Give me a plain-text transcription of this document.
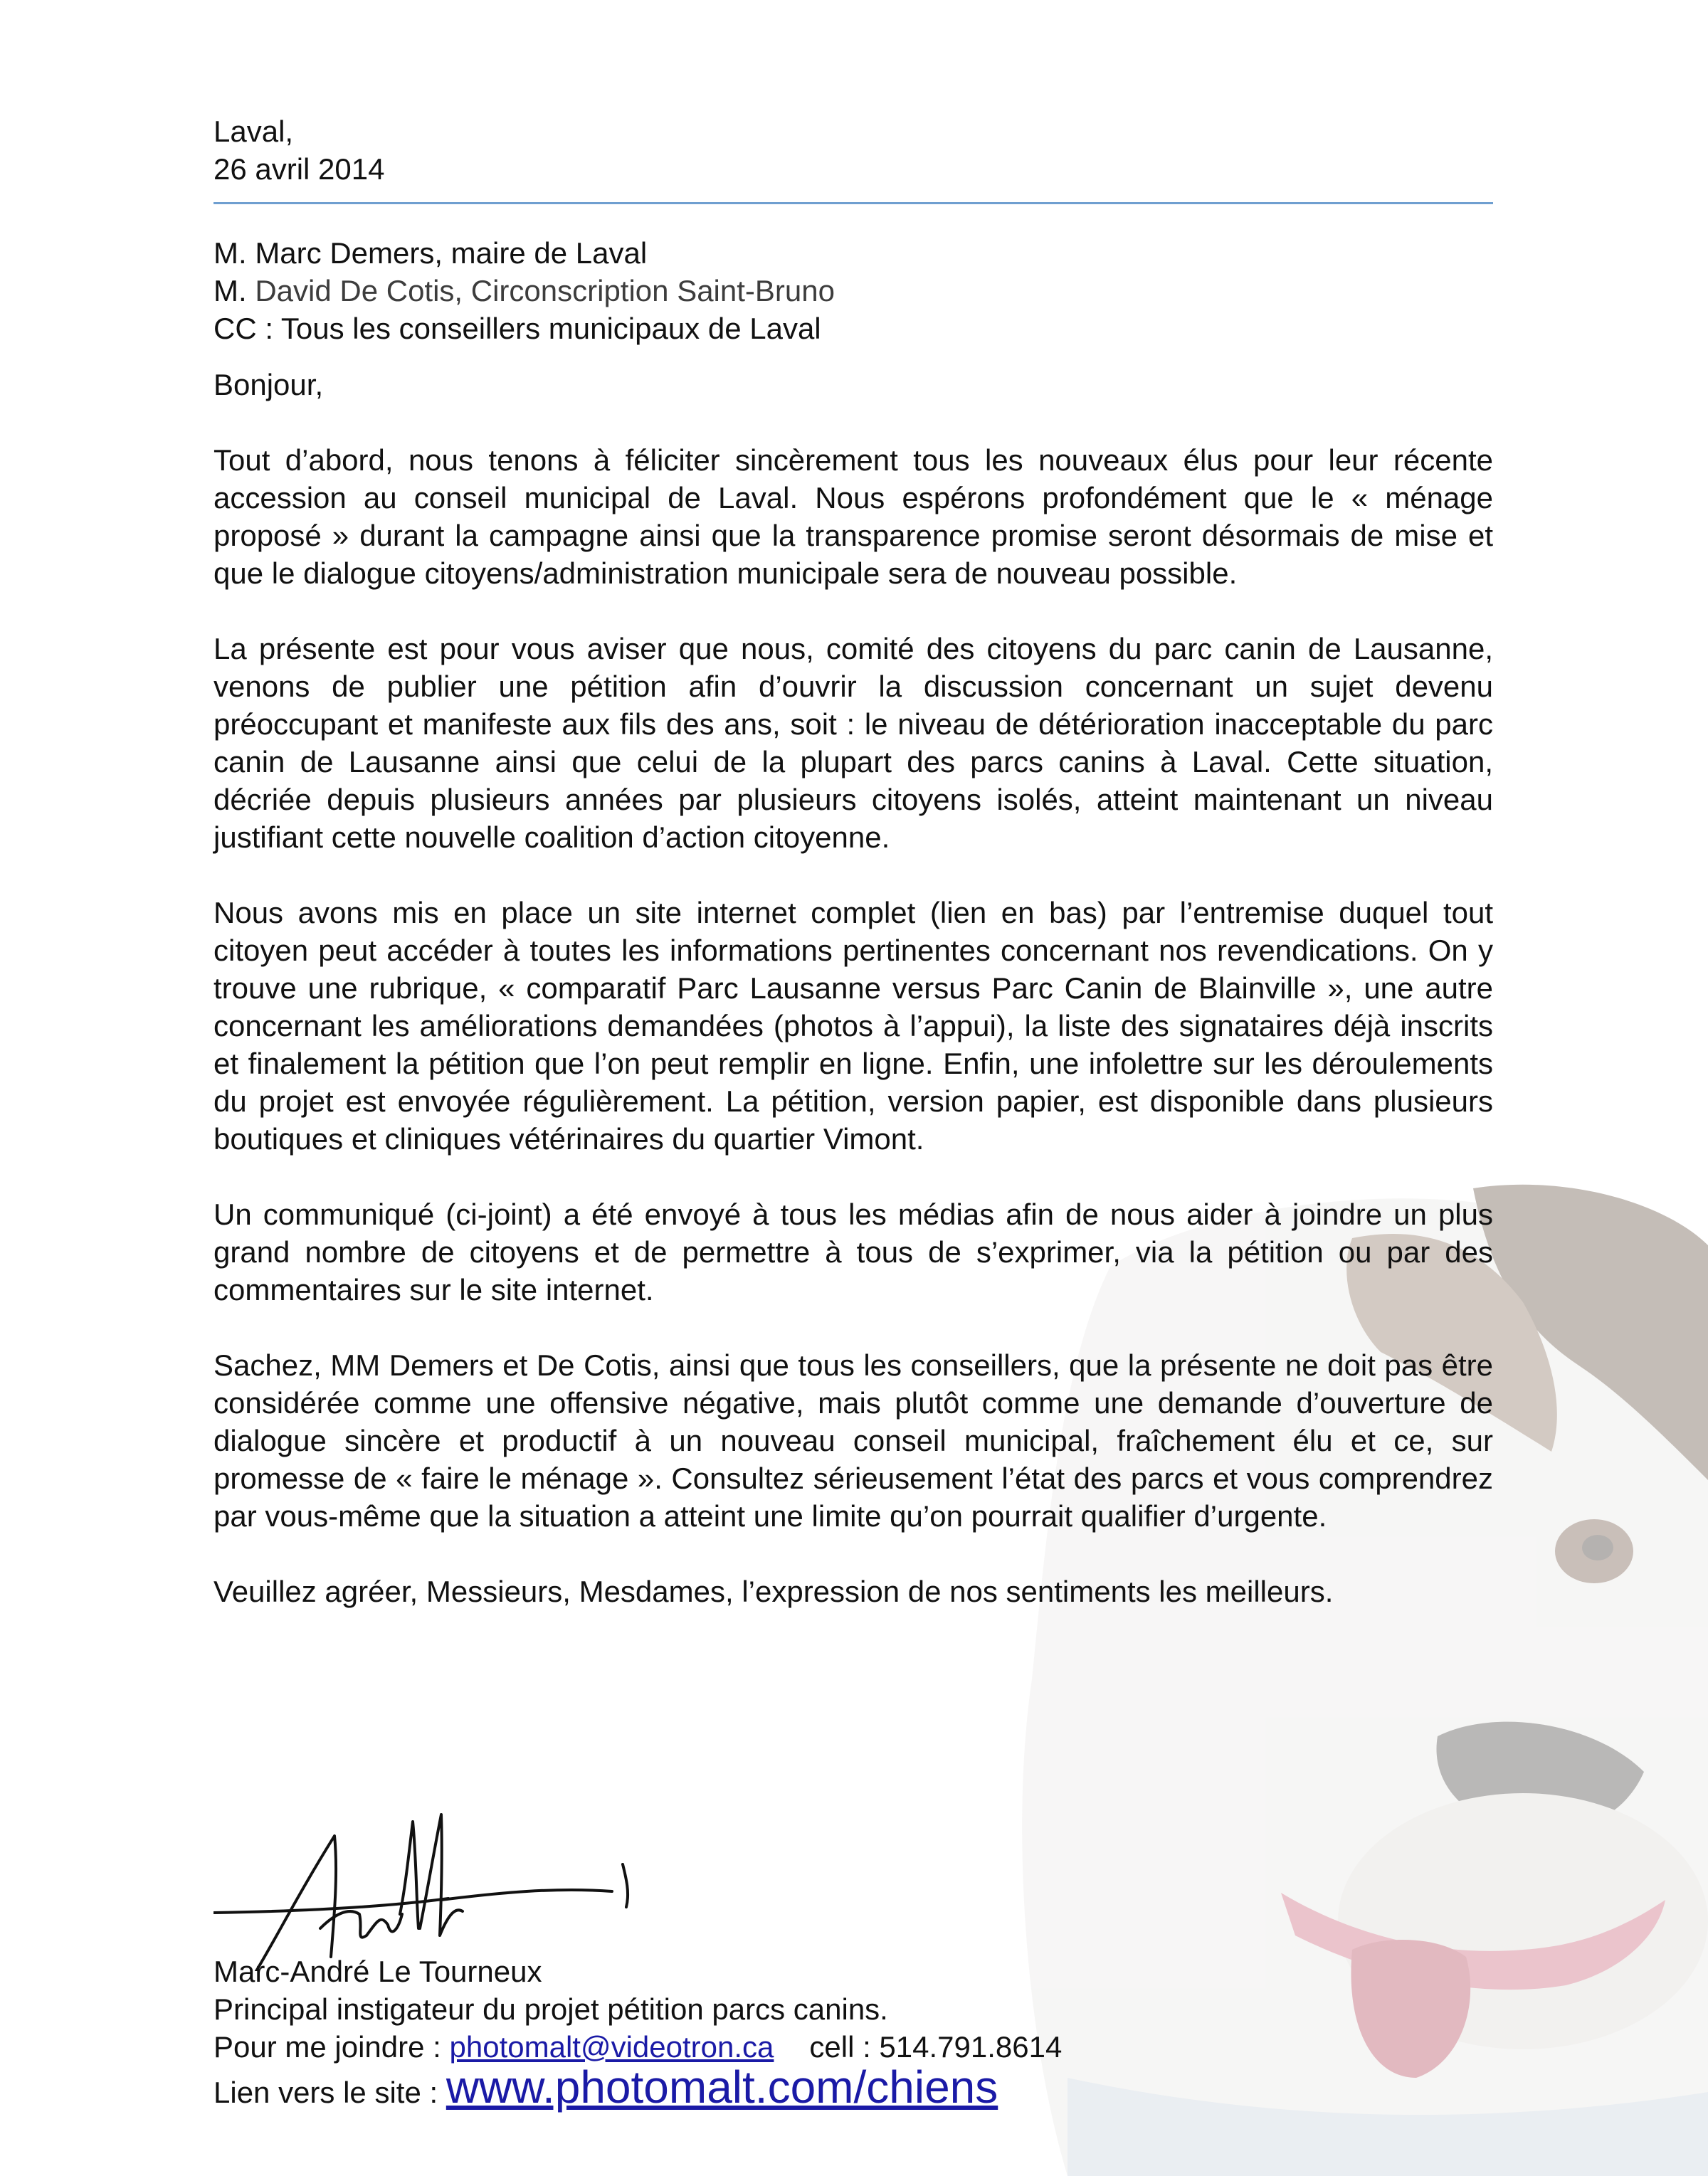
Laval,

26 avril 2014

M. Marc Demers, maire de Laval

M. David De Cotis, Circonscription Saint-Bruno

CC : Tous les conseillers municipaux de Laval

Bonjour,

Tout d’abord, nous tenons à féliciter sincèrement tous les nouveaux élus pour leur récente accession au conseil municipal de Laval. Nous espérons profondément que le « ménage proposé » durant la campagne ainsi que la transparence promise seront désormais de mise et que le dialogue citoyens/administration municipale sera de nouveau possible.

La présente est pour vous aviser que nous, comité des citoyens du parc canin de Lausanne, venons de publier une pétition afin d’ouvrir la discussion concernant un sujet devenu préoccupant et manifeste aux fils des ans, soit : le niveau de détérioration inacceptable du parc canin de Lausanne ainsi que celui de la plupart des parcs canins à Laval. Cette situation, décriée depuis plusieurs années par plusieurs citoyens isolés, atteint maintenant un niveau justifiant cette nouvelle coalition d’action citoyenne.

Nous avons mis en place un site internet complet (lien en bas) par l’entremise duquel tout citoyen peut accéder à toutes les informations pertinentes concernant nos revendications. On y trouve une rubrique, « comparatif Parc Lausanne versus Parc Canin de Blainville », une autre concernant les améliorations demandées (photos à l’appui), la liste des signataires déjà inscrits et finalement la pétition que l’on peut remplir en ligne. Enfin, une infolettre sur les déroulements du projet est envoyée régulièrement. La pétition, version papier, est disponible dans plusieurs boutiques et cliniques vétérinaires du quartier Vimont.

Un communiqué (ci-joint) a été envoyé à tous les médias afin de nous aider à joindre un plus grand nombre de citoyens et de permettre à tous de s’exprimer, via la pétition ou par des commentaires sur le site internet.

Sachez, MM Demers et De Cotis, ainsi que tous les conseillers, que la présente ne doit pas être considérée comme une offensive négative, mais plutôt comme une demande d’ouverture de dialogue sincère et productif à un nouveau conseil municipal, fraîchement élu et ce, sur promesse de « faire le ménage ». Consultez sérieusement l’état des parcs et vous comprendrez par vous-même que la situation a atteint une limite qu’on pourrait qualifier d’urgente.

Veuillez agréer, Messieurs, Mesdames, l’expression de nos sentiments les meilleurs.

Marc-André Le Tourneux

Principal instigateur du projet pétition parcs canins.

Pour me joindre : photomalt@videotron.ca cell : 514.791.8614

Lien vers le site : www.photomalt.com/chiens
